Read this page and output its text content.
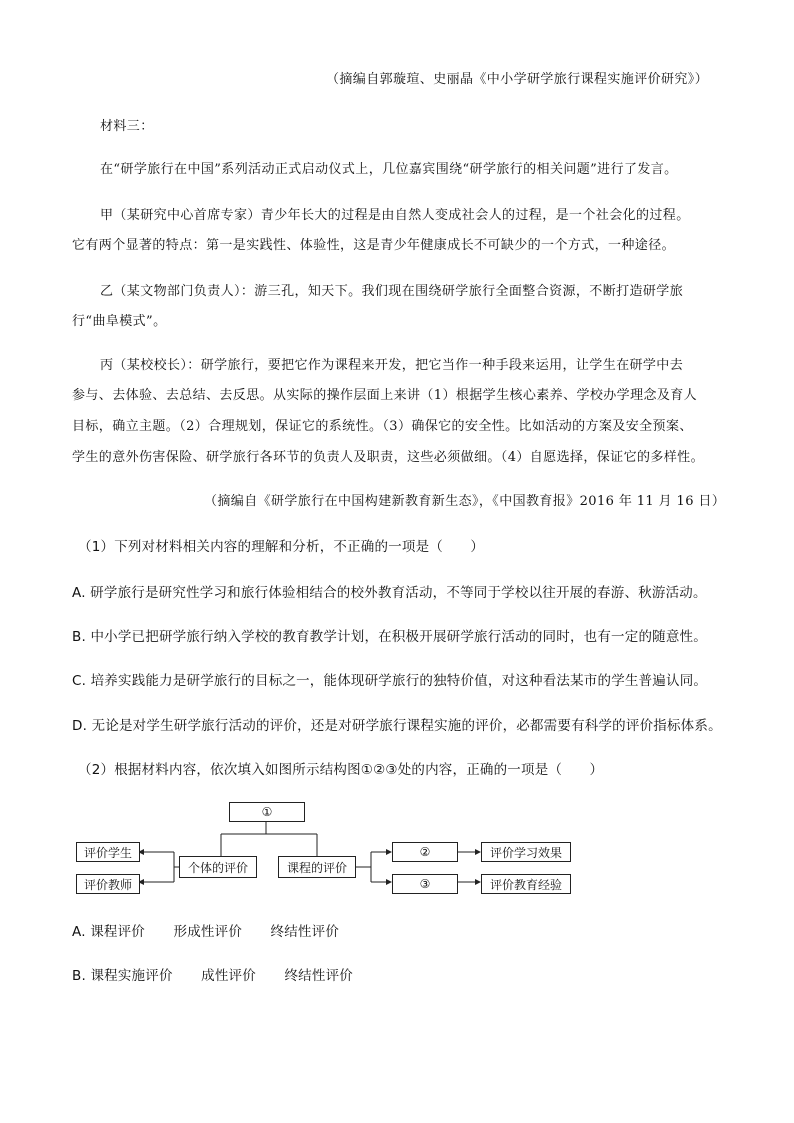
（摘编自郭璇瑄、史丽晶《中小学研学旅行课程实施评价研究》）
材料三：
在“研学旅行在中国”系列活动正式启动仪式上，几位嘉宾围绕“研学旅行的相关问题”进行了发言。
甲（某研究中心首席专家）青少年长大的过程是由自然人变成社会人的过程，是一个社会化的过程。
它有两个显著的特点：第一是实践性、体验性，这是青少年健康成长不可缺少的一个方式，一种途径。
乙（某文物部门负责人）：游三孔，知天下。我们现在围绕研学旅行全面整合资源，不断打造研学旅
行“曲阜模式”。
丙（某校校长）：研学旅行，要把它作为课程来开发，把它当作一种手段来运用，让学生在研学中去
参与、去体验、去总结、去反思。从实际的操作层面上来讲（1）根据学生核心素养、学校办学理念及育人
目标，确立主题。（2）合理规划，保证它的系统性。（3）确保它的安全性。比如活动的方案及安全预案、
学生的意外伤害保险、研学旅行各环节的负责人及职责，这些必须做细。（4）自愿选择，保证它的多样性。
（摘编自《研学旅行在中国构建新教育新生态》，《中国教育报》2016 年 11 月 16 日）
（1）下列对材料相关内容的理解和分析，不正确的一项是（　　）
A. 研学旅行是研究性学习和旅行体验相结合的校外教育活动，不等同于学校以往开展的春游、秋游活动。
B. 中小学已把研学旅行纳入学校的教育教学计划，在积极开展研学旅行活动的同时，也有一定的随意性。
C. 培养实践能力是研学旅行的目标之一，能体现研学旅行的独特价值，对这种看法某市的学生普遍认同。
D. 无论是对学生研学旅行活动的评价，还是对研学旅行课程实施的评价，必都需要有科学的评价指标体系。
（2）根据材料内容，依次填入如图所示结构图①②③处的内容，正确的一项是（　　）
①
评价学生
评价教师
个体的评价	课程的评价
②
③
评价学习效果
评价教育经验
A. 课程评价 形成性评价 终结性评价
B. 课程实施评价 成性评价 终结性评价
